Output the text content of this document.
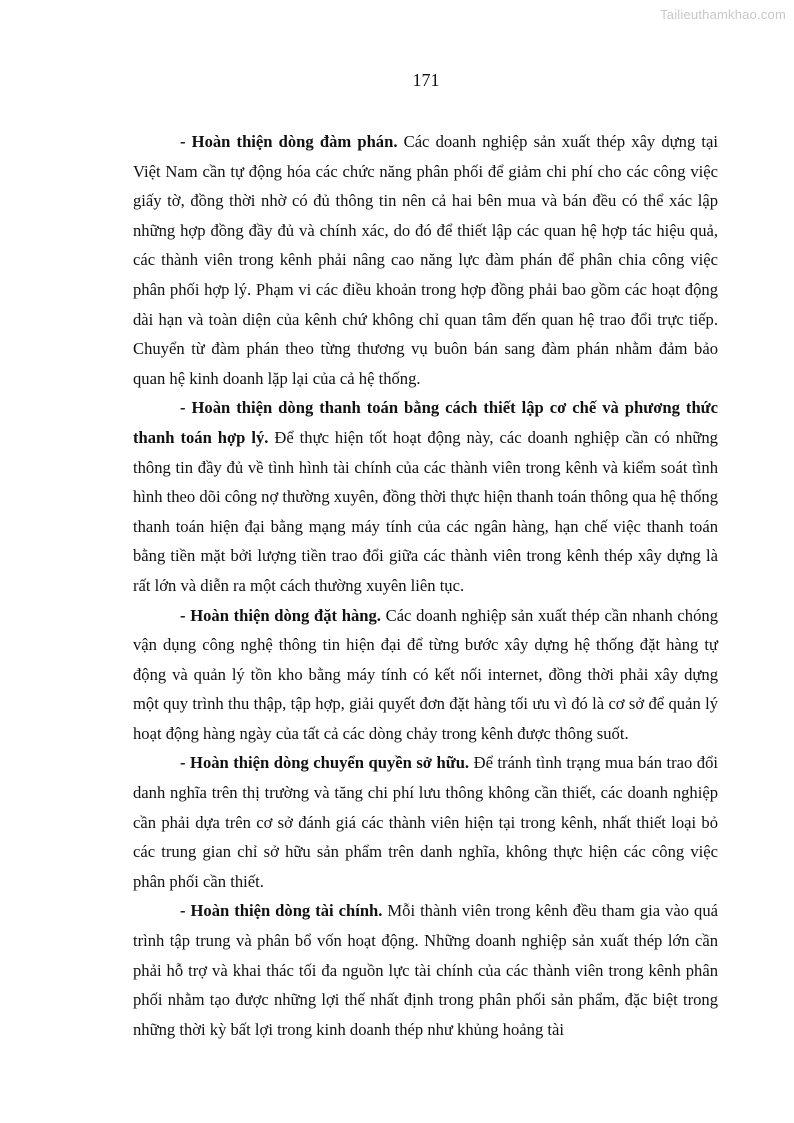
Tailieuthamkhao.com
171

- Hoàn thiện dòng đàm phán. Các doanh nghiệp sản xuất thép xây dựng tại Việt Nam cần tự động hóa các chức năng phân phối để giảm chi phí cho các công việc giấy tờ, đồng thời nhờ có đủ thông tin nên cả hai bên mua và bán đều có thể xác lập những hợp đồng đầy đủ và chính xác, do đó để thiết lập các quan hệ hợp tác hiệu quả, các thành viên trong kênh phải nâng cao năng lực đàm phán để phân chia công việc phân phối hợp lý. Phạm vi các điều khoản trong hợp đồng phải bao gồm các hoạt động dài hạn và toàn diện của kênh chứ không chỉ quan tâm đến quan hệ trao đổi trực tiếp. Chuyển từ đàm phán theo từng thương vụ buôn bán sang đàm phán nhằm đảm bảo quan hệ kinh doanh lặp lại của cả hệ thống.

- Hoàn thiện dòng thanh toán bằng cách thiết lập cơ chế và phương thức thanh toán hợp lý. Để thực hiện tốt hoạt động này, các doanh nghiệp cần có những thông tin đầy đủ về tình hình tài chính của các thành viên trong kênh và kiểm soát tình hình theo dõi công nợ thường xuyên, đồng thời thực hiện thanh toán thông qua hệ thống thanh toán hiện đại bằng mạng máy tính của các ngân hàng, hạn chế việc thanh toán bằng tiền mặt bởi lượng tiền trao đổi giữa các thành viên trong kênh thép xây dựng là rất lớn và diễn ra một cách thường xuyên liên tục.

- Hoàn thiện dòng đặt hàng. Các doanh nghiệp sản xuất thép cần nhanh chóng vận dụng công nghệ thông tin hiện đại để từng bước xây dựng hệ thống đặt hàng tự động và quản lý tồn kho bằng máy tính có kết nối internet, đồng thời phải xây dựng một quy trình thu thập, tập hợp, giải quyết đơn đặt hàng tối ưu vì đó là cơ sở để quản lý hoạt động hàng ngày của tất cả các dòng chảy trong kênh được thông suốt.

- Hoàn thiện dòng chuyển quyền sở hữu. Để tránh tình trạng mua bán trao đổi danh nghĩa trên thị trường và tăng chi phí lưu thông không cần thiết, các doanh nghiệp cần phải dựa trên cơ sở đánh giá các thành viên hiện tại trong kênh, nhất thiết loại bỏ các trung gian chỉ sở hữu sản phẩm trên danh nghĩa, không thực hiện các công việc phân phối cần thiết.

- Hoàn thiện dòng tài chính. Mỗi thành viên trong kênh đều tham gia vào quá trình tập trung và phân bổ vốn hoạt động. Những doanh nghiệp sản xuất thép lớn cần phải hỗ trợ và khai thác tối đa nguồn lực tài chính của các thành viên trong kênh phân phối nhằm tạo được những lợi thế nhất định trong phân phối sản phẩm, đặc biệt trong những thời kỳ bất lợi trong kinh doanh thép như khủng hoảng tài
